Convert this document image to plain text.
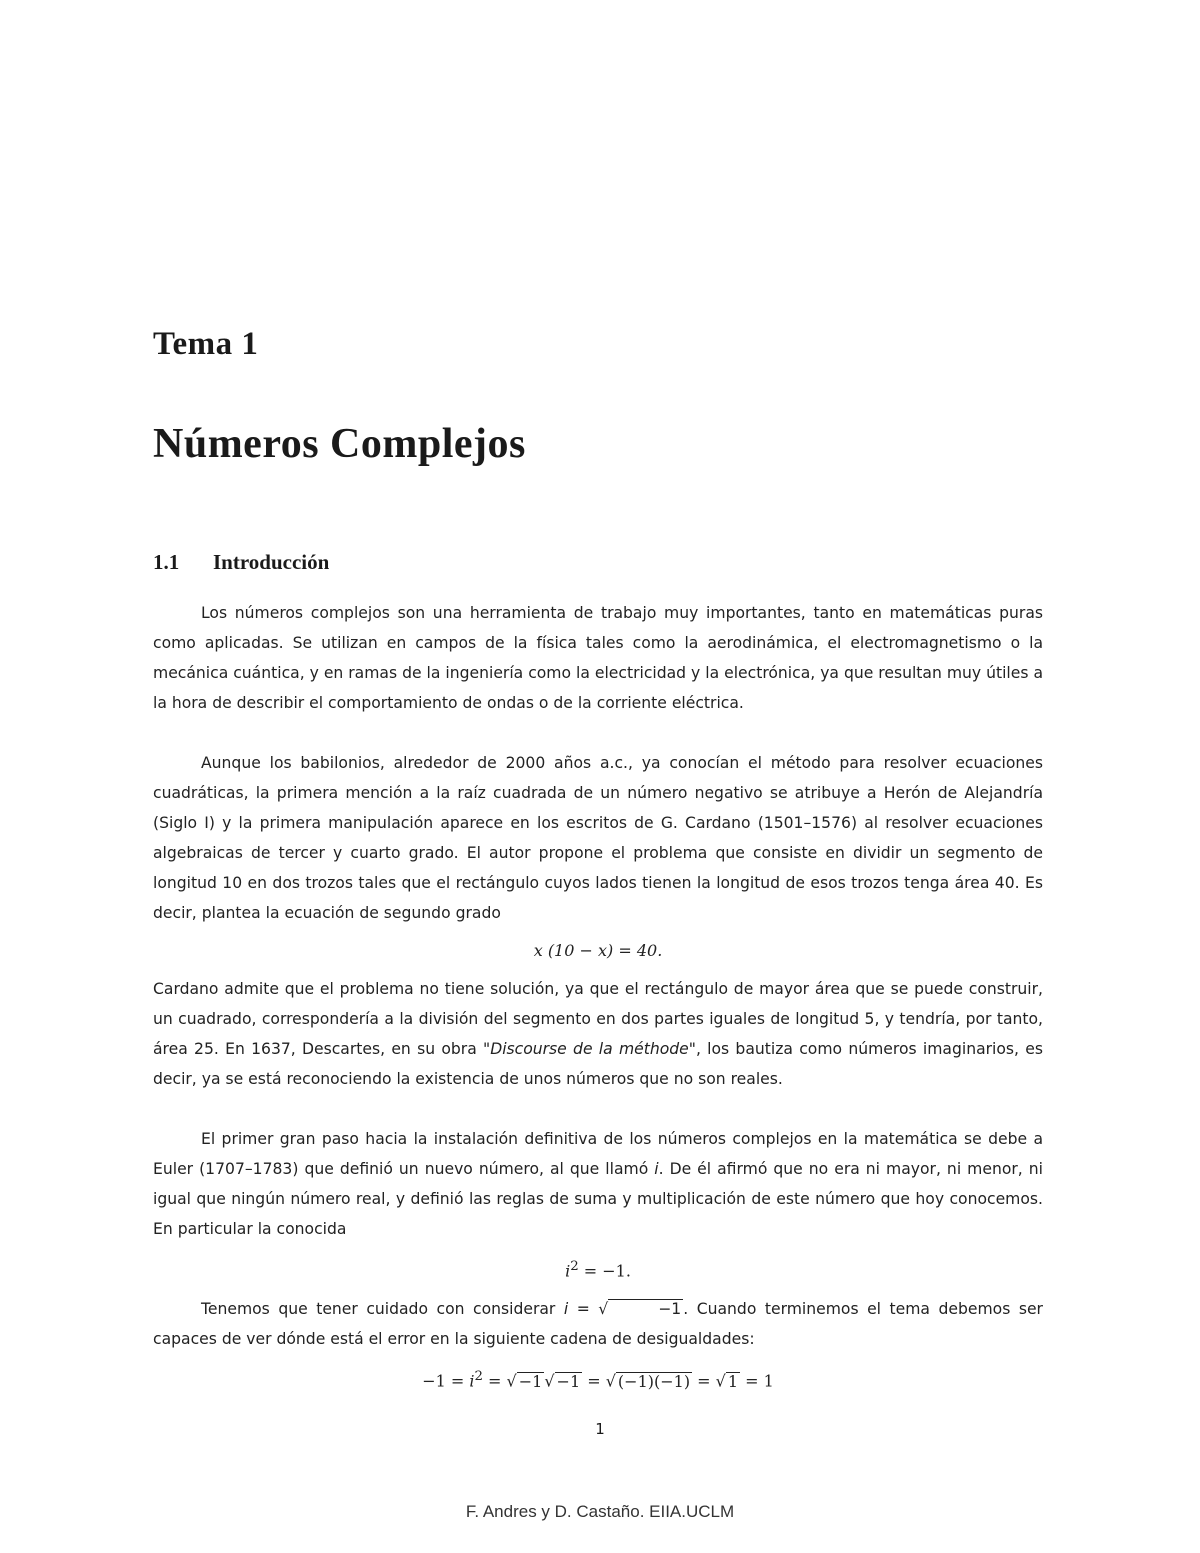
Tema 1
Números Complejos
1.1 Introducción

Los números complejos son una herramienta de trabajo muy importantes, tanto en matemáticas puras como aplicadas. Se utilizan en campos de la física tales como la aerodinámica, el electromagnetismo o la mecánica cuántica, y en ramas de la ingeniería como la electricidad y la electrónica, ya que resultan muy útiles a la hora de describir el comportamiento de ondas o de la corriente eléctrica.

Aunque los babilonios, alrededor de 2000 años a.c., ya conocían el método para resolver ecuaciones cuadráticas, la primera mención a la raíz cuadrada de un número negativo se atribuye a Herón de Alejandría (Siglo I) y la primera manipulación aparece en los escritos de G. Cardano (1501–1576) al resolver ecuaciones algebraicas de tercer y cuarto grado. El autor propone el problema que consiste en dividir un segmento de longitud 10 en dos trozos tales que el rectángulo cuyos lados tienen la longitud de esos trozos tenga área 40. Es decir, plantea la ecuación de segundo grado

x (10 − x) = 40.

Cardano admite que el problema no tiene solución, ya que el rectángulo de mayor área que se puede construir, un cuadrado, correspondería a la división del segmento en dos partes iguales de longitud 5, y tendría, por tanto, área 25. En 1637, Descartes, en su obra "Discourse de la méthode", los bautiza como números imaginarios, es decir, ya se está reconociendo la existencia de unos números que no son reales.

El primer gran paso hacia la instalación definitiva de los números complejos en la matemática se debe a Euler (1707–1783) que definió un nuevo número, al que llamó i. De él afirmó que no era ni mayor, ni menor, ni igual que ningún número real, y definió las reglas de suma y multiplicación de este número que hoy conocemos. En particular la conocida

$i^2 = -1$.

Tenemos que tener cuidado con considerar i = √	−1 . Cuando terminemos el tema debemos ser capaces de ver dónde está el error en la siguiente cadena de desigualdades:

$-1 = i^2$ = √ −1 √ −1 = √ (−1)(−1) = √ 1 = 1
1
F. Andres y D. Castaño. EIIA.UCLM
